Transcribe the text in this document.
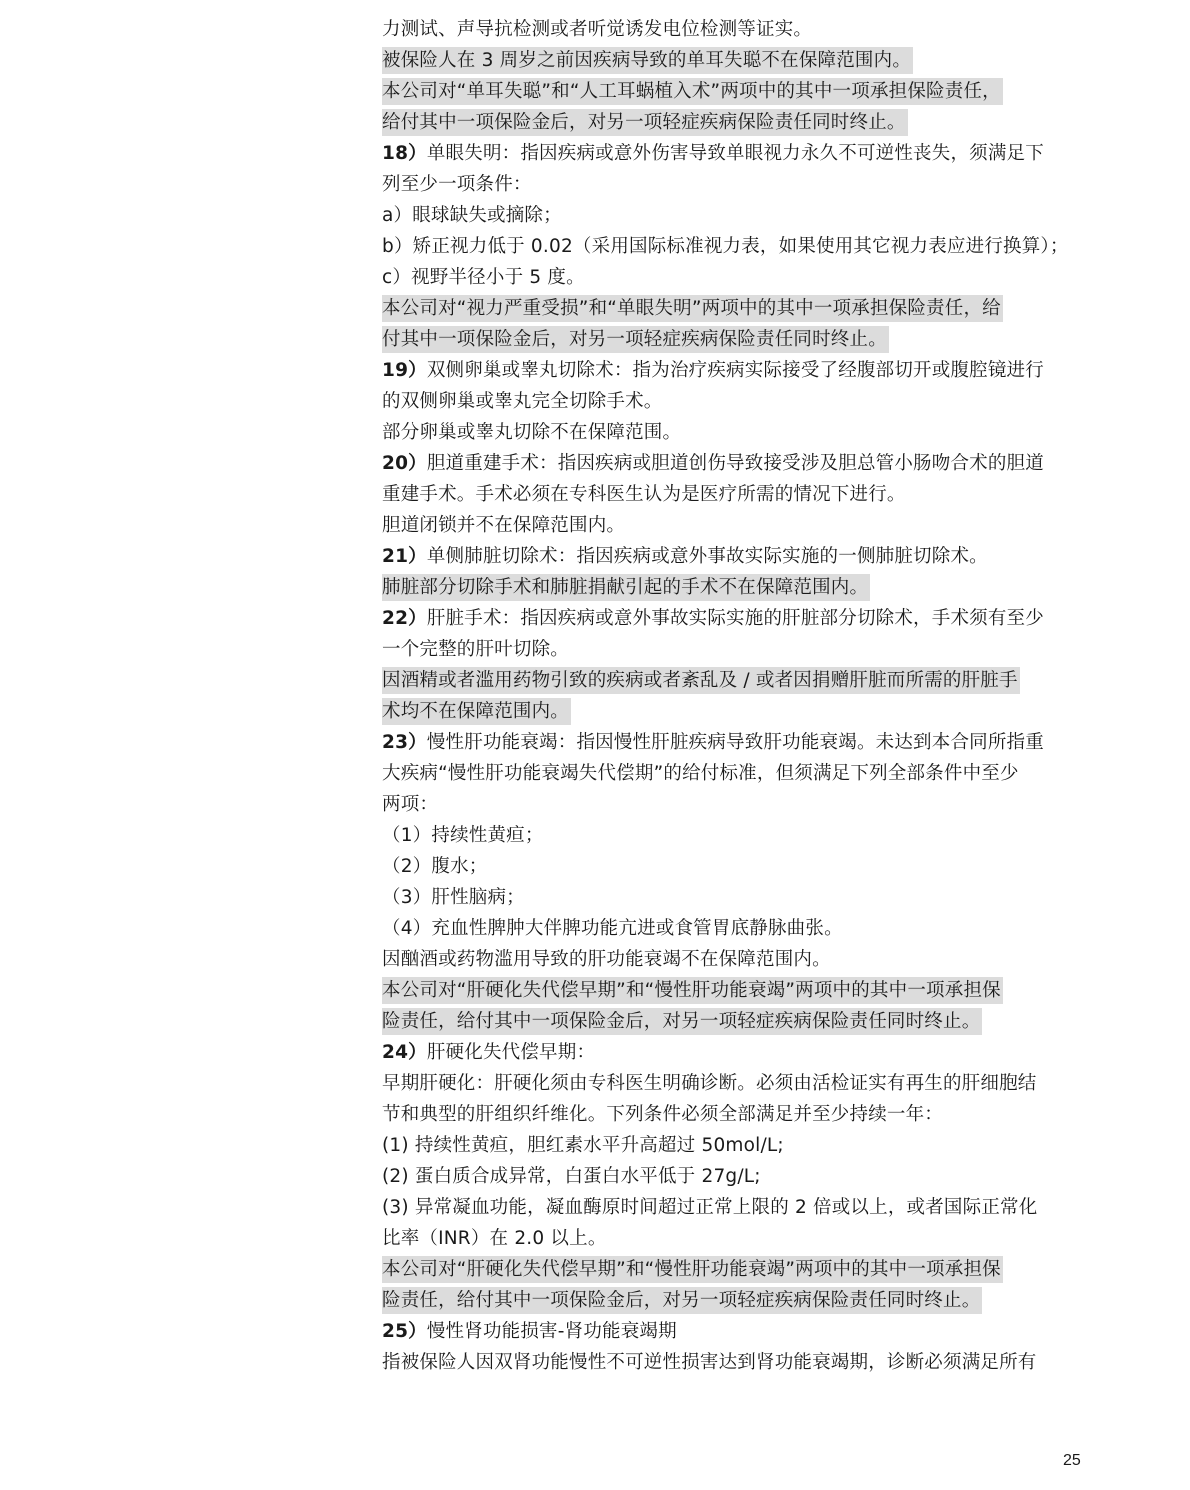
力测试、声导抗检测或者听觉诱发电位检测等证实。
被保险人在 3 周岁之前因疾病导致的单耳失聪不在保障范围内。
本公司对“单耳失聪”和“人工耳蜗植入术”两项中的其中一项承担保险责任，
给付其中一项保险金后，对另一项轻症疾病保险责任同时终止。
18）单眼失明：指因疾病或意外伤害导致单眼视力永久不可逆性丧失，须满足下
列至少一项条件：
a）眼球缺失或摘除；
b）矫正视力低于 0.02（采用国际标准视力表，如果使用其它视力表应进行换算）；
c）视野半径小于 5 度。
本公司对“视力严重受损”和“单眼失明”两项中的其中一项承担保险责任，给
付其中一项保险金后，对另一项轻症疾病保险责任同时终止。
19）双侧卵巢或睾丸切除术：指为治疗疾病实际接受了经腹部切开或腹腔镜进行
的双侧卵巢或睾丸完全切除手术。
部分卵巢或睾丸切除不在保障范围。
20）胆道重建手术：指因疾病或胆道创伤导致接受涉及胆总管小肠吻合术的胆道
重建手术。手术必须在专科医生认为是医疗所需的情况下进行。
胆道闭锁并不在保障范围内。
21）单侧肺脏切除术：指因疾病或意外事故实际实施的一侧肺脏切除术。
肺脏部分切除手术和肺脏捐献引起的手术不在保障范围内。
22）肝脏手术：指因疾病或意外事故实际实施的肝脏部分切除术，手术须有至少
一个完整的肝叶切除。
因酒精或者滥用药物引致的疾病或者紊乱及 / 或者因捐赠肝脏而所需的肝脏手
术均不在保障范围内。
23）慢性肝功能衰竭：指因慢性肝脏疾病导致肝功能衰竭。未达到本合同所指重
大疾病“慢性肝功能衰竭失代偿期”的给付标准，但须满足下列全部条件中至少
两项：
（1）持续性黄疸；
（2）腹水；
（3）肝性脑病；
（4）充血性脾肿大伴脾功能亢进或食管胃底静脉曲张。
因酗酒或药物滥用导致的肝功能衰竭不在保障范围内。
本公司对“肝硬化失代偿早期”和“慢性肝功能衰竭”两项中的其中一项承担保
险责任，给付其中一项保险金后，对另一项轻症疾病保险责任同时终止。
24）肝硬化失代偿早期：
早期肝硬化：肝硬化须由专科医生明确诊断。必须由活检证实有再生的肝细胞结
节和典型的肝组织纤维化。下列条件必须全部满足并至少持续一年：
(1) 持续性黄疸，胆红素水平升高超过 50mol/L;
(2) 蛋白质合成异常，白蛋白水平低于 27g/L;
(3) 异常凝血功能，凝血酶原时间超过正常上限的 2 倍或以上，或者国际正常化
比率（INR）在 2.0 以上。
本公司对“肝硬化失代偿早期”和“慢性肝功能衰竭”两项中的其中一项承担保
险责任，给付其中一项保险金后，对另一项轻症疾病保险责任同时终止。
25）慢性肾功能损害-肾功能衰竭期
指被保险人因双肾功能慢性不可逆性损害达到肾功能衰竭期，诊断必须满足所有
25
